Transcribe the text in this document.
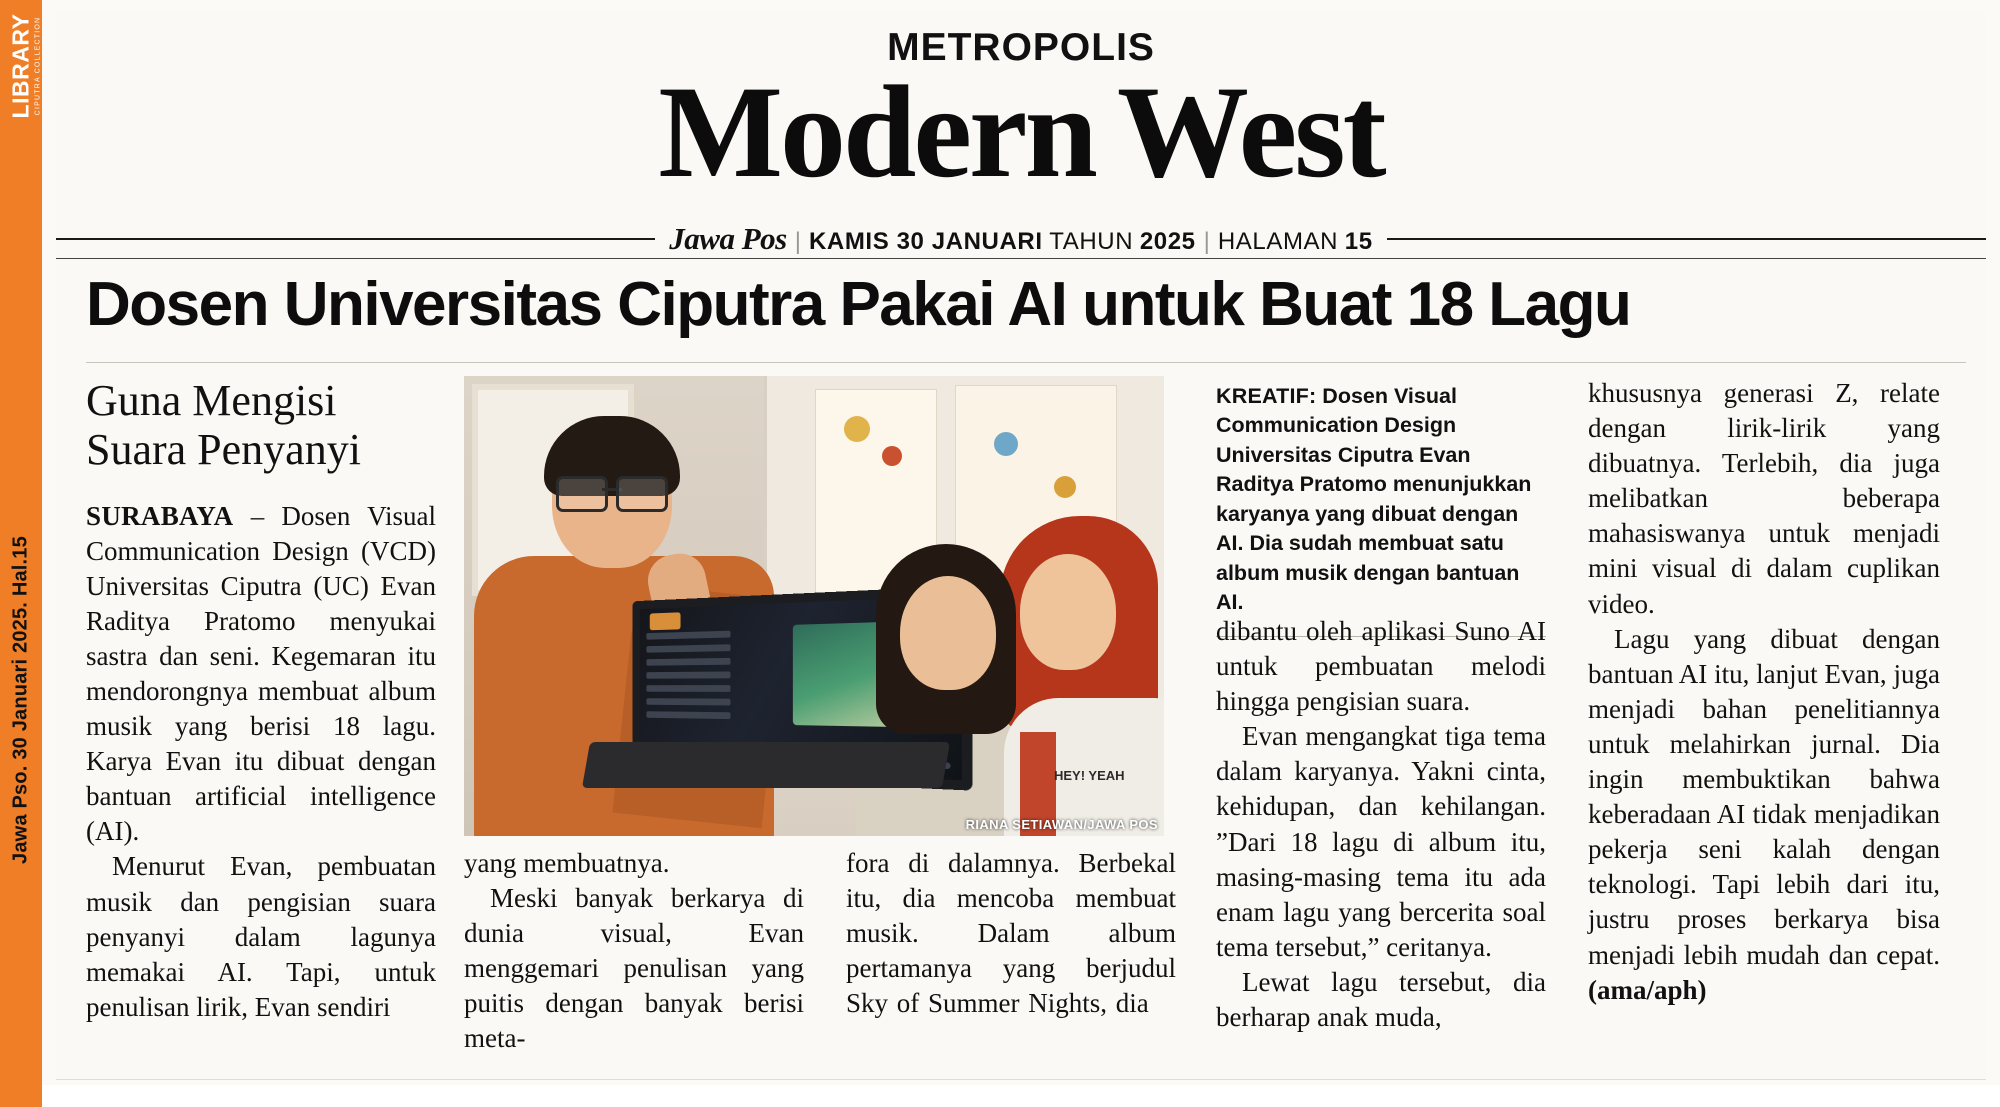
LIBRARY CIPUTRA COLLECTION
Jawa Pso. 30 Januari 2025. Hal.15
METROPOLIS
Modern West
Jawa Pos | KAMIS 30 JANUARI TAHUN 2025 | HALAMAN 15
Dosen Universitas Ciputra Pakai AI untuk Buat 18 Lagu
Guna Mengisi
Suara Penyanyi

SURABAYA – Dosen Visual Communication Design (VCD) Universitas Ciputra (UC) Evan Raditya Pratomo menyukai sastra dan seni. Kegemaran itu mendorongnya membuat album musik yang berisi 18 lagu. Karya Evan itu dibuat dengan bantuan artificial intelligence (AI).

Menurut Evan, pembuatan musik dan pengisian suara penyanyi dalam lagunya memakai AI. Tapi, untuk penulisan lirik, Evan sendiri

HEY! YEAH
RIANA SETIAWAN/JAWA POS
KREATIF: Dosen Visual Communication Design Universitas Ciputra Evan Raditya Pratomo menunjukkan karyanya yang dibuat dengan AI. Dia sudah membuat satu album musik dengan bantuan AI.

yang membuatnya.

Meski banyak berkarya di dunia visual, Evan menggemari penulisan yang puitis dengan banyak berisi meta-

fora di dalamnya. Berbekal itu, dia mencoba membuat musik. Dalam album pertamanya yang berjudul Sky of Summer Nights, dia

dibantu oleh aplikasi Suno AI untuk pembuatan melodi hingga pengisian suara.

Evan mengangkat tiga tema dalam karyanya. Yakni cinta, kehidupan, dan kehilangan. ”Dari 18 lagu di album itu, masing-masing tema itu ada enam lagu yang bercerita soal tema tersebut,” ceritanya.

Lewat lagu tersebut, dia berharap anak muda,

khususnya generasi Z, relate dengan lirik-lirik yang dibuatnya. Terlebih, dia juga melibatkan beberapa mahasiswanya untuk menjadi mini visual di dalam cuplikan video.

Lagu yang dibuat dengan bantuan AI itu, lanjut Evan, juga menjadi bahan penelitiannya untuk melahirkan jurnal. Dia ingin membuktikan bahwa keberadaan AI tidak menjadikan pekerja seni kalah dengan teknologi. Tapi lebih dari itu, justru proses berkarya bisa menjadi lebih mudah dan cepat. (ama/aph)
